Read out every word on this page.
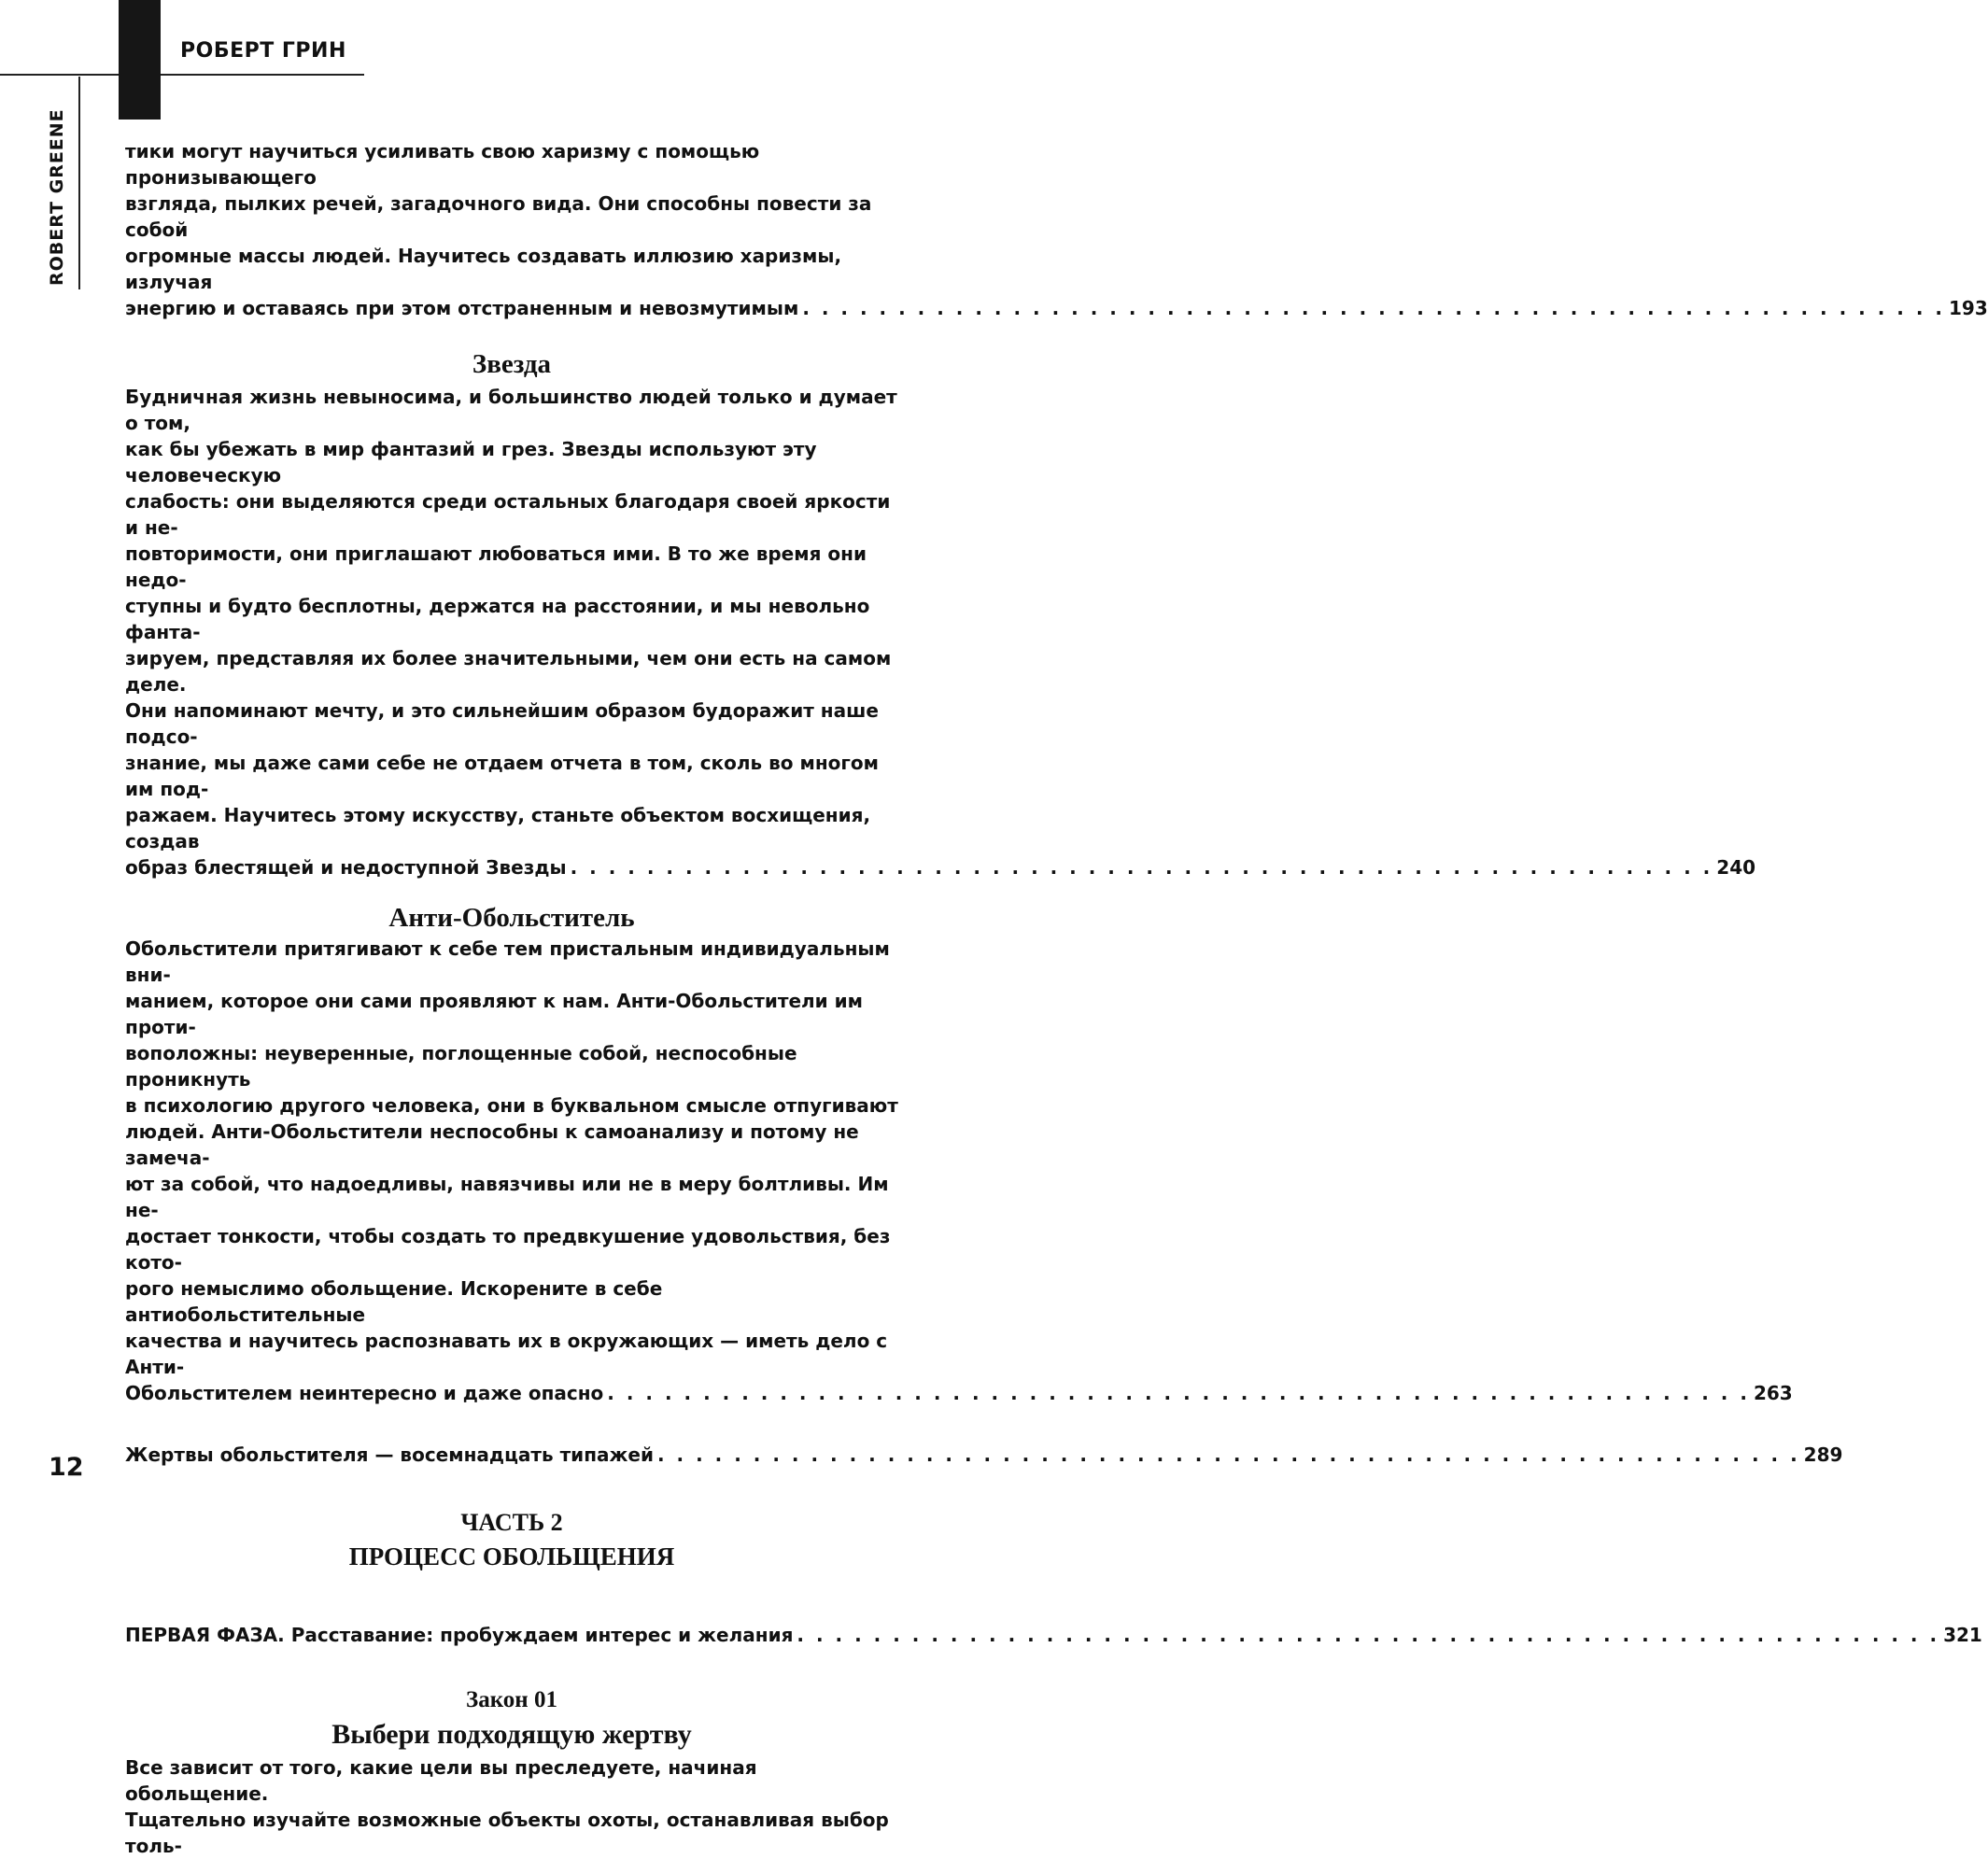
РОБЕРТ ГРИН
ROBERT GREENE	тики могут научиться усиливать свою харизму с помощью пронизывающего

взгляда, пылких речей, загадочного вида. Они способны повести за собой

огромные массы людей. Научитесь создавать иллюзию харизмы, излучая

энергию и оставаясь при этом отстраненным и невозмутимым . . . . . . . . . . . . . . . . . . . . . . . . . . . . . . . . . . . . . . . . . . . . . . . . . . . . . . . . . . . . 193
Звезда

Будничная жизнь невыносима, и большинство людей только и думает о том,

как бы убежать в мир фантазий и грез. Звезды используют эту человеческую

слабость: они выделяются среди остальных благодаря своей яркости и не-

повторимости, они приглашают любоваться ими. В то же время они недо-

ступны и будто бесплотны, держатся на расстоянии, и мы невольно фанта-

зируем, представляя их более значительными, чем они есть на самом деле.

Они напоминают мечту, и это сильнейшим образом будоражит наше подсо-

знание, мы даже сами себе не отдаем отчета в том, сколь во многом им под-

ражаем. Научитесь этому искусству, станьте объектом восхищения, создав

образ блестящей и недоступной Звезды . . . . . . . . . . . . . . . . . . . . . . . . . . . . . . . . . . . . . . . . . . . . . . . . . . . . . . . . . . . . 240
Анти-Обольститель

Обольстители притягивают к себе тем пристальным индивидуальным вни-

манием, которое они сами проявляют к нам. Анти-Обольстители им проти-

воположны: неуверенные, поглощенные собой, неспособные проникнуть

в психологию другого человека, они в буквальном смысле отпугивают

людей. Анти-Обольстители неспособны к самоанализу и потому не замеча-

ют за собой, что надоедливы, навязчивы или не в меру болтливы. Им не-

достает тонкости, чтобы создать то предвкушение удовольствия, без кото-

рого немыслимо обольщение. Искорените в себе антиобольстительные

качества и научитесь распознавать их в окружающих — иметь дело с Анти-

Обольстителем неинтересно и даже опасно . . . . . . . . . . . . . . . . . . . . . . . . . . . . . . . . . . . . . . . . . . . . . . . . . . . . . . . . . . . . 263
Жертвы обольстителя — восемнадцать типажей . . . . . . . . . . . . . . . . . . . . . . . . . . . . . . . . . . . . . . . . . . . . . . . . . . . . . . . . . . . . 289
ЧАСТЬ 2
ПРОЦЕСС ОБОЛЬЩЕНИЯ
ПЕРВАЯ ФАЗА. Расставание: пробуждаем интерес и желания . . . . . . . . . . . . . . . . . . . . . . . . . . . . . . . . . . . . . . . . . . . . . . . . . . . . . . . . . . . . 321
Закон 01
Выбери подходящую жертву

Все зависит от того, какие цели вы преследуете, начиная обольщение.

Тщательно изучайте возможные объекты охоты, останавливая выбор толь-

12
